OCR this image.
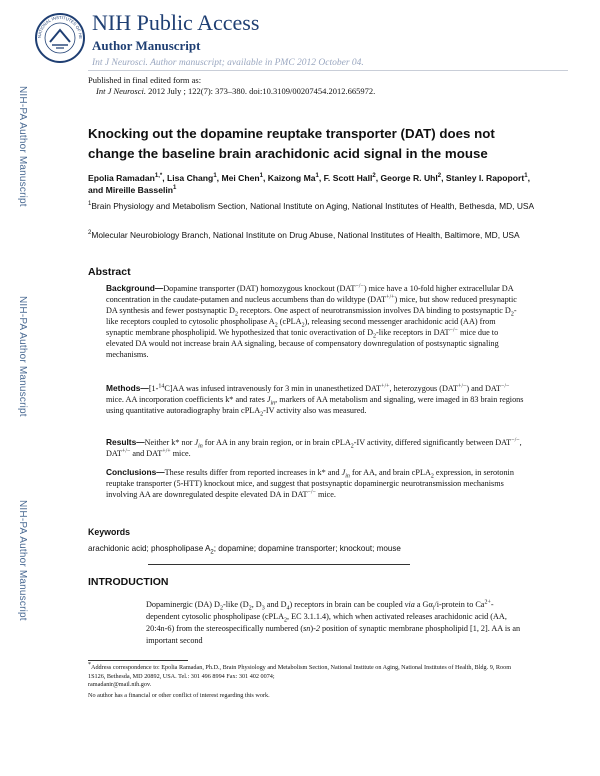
NATIONAL INSTITUTES OF HE
NIH Public Access
Author Manuscript
Int J Neurosci. Author manuscript; available in PMC 2012 October 04.
Published in final edited form as:
Int J Neurosci. 2012 July ; 122(7): 373–380. doi:10.3109/00207454.2012.665972.
NIH-PA Author Manuscript
NIH-PA Author Manuscript
NIH-PA Author Manuscript
Knocking out the dopamine reuptake transporter (DAT) does not change the baseline brain arachidonic acid signal in the mouse
Epolia Ramadan$^{1,*}$, Lisa Chang$^1$, Mei Chen$^1$, Kaizong Ma$^1$, F. Scott Hall$^2$, George R. Uhl$^2$, Stanley I. Rapoport$^1$, and Mireille Basselin$^1$
$^1$Brain Physiology and Metabolism Section, National Institute on Aging, National Institutes of Health, Bethesda, MD, USA
$^2$Molecular Neurobiology Branch, National Institute on Drug Abuse, National Institutes of Health, Baltimore, MD, USA
Abstract
Background—Dopamine transporter (DAT) homozygous knockout (DAT−/−) mice have a 10-fold higher extracellular DA concentration in the caudate-putamen and nucleus accumbens than do wildtype (DAT+/+) mice, but show reduced presynaptic DA synthesis and fewer postsynaptic $D_2$ receptors. One aspect of neurotransmission involves DA binding to postsynaptic $D_2$-like receptors coupled to cytosolic phospholipase $A_2$ (cPLA$_2$), releasing second messenger arachidonic acid (AA) from synaptic membrane phospholipid. We hypothesized that tonic overactivation of $D_2$-like receptors in DAT−/− mice due to elevated DA would not increase brain AA signaling, because of compensatory downregulation of postsynaptic signaling mechanisms.
Methods—[1-$^{14}$C]AA was infused intravenously for 3 min in unanesthetized DAT+/+, heterozygous (DAT+/−) and DAT−/− mice. AA incorporation coefficients k* and rates $J_{in}$, markers of AA metabolism and signaling, were imaged in 83 brain regions using quantitative autoradiography brain cPLA$_2$-IV activity also was measured.
Results—Neither k* nor $J_{in}$ for AA in any brain region, or in brain cPLA$_2$-IV activity, differed significantly between DAT−/−, DAT+/− and DAT+/+ mice.
Conclusions—These results differ from reported increases in k* and $J_{in}$ for AA, and brain cPLA$_2$ expression, in serotonin reuptake transporter (5-HTT) knockout mice, and suggest that postsynaptic dopaminergic neurotransmission mechanisms involving AA are downregulated despite elevated DA in DAT−/− mice.
Keywords
arachidonic acid; phospholipase $A_2$; dopamine; dopamine transporter; knockout; mouse
INTRODUCTION
Dopaminergic (DA) $D_2$-like ($D_2$, $D_3$ and $D_4$) receptors in brain can be coupled via a $G\alpha_i/i$-protein to $Ca^{2+}$-dependent cytosolic phospholipase (cPLA$_2$, EC 3.1.1.4), which when activated releases arachidonic acid (AA, 20:4n-6) from the stereospecifically numbered (sn)-2 position of synaptic membrane phospholipid [1, 2]. AA is an important second
*Address correspondence to: Epolia Ramadan, Ph.D., Brain Physiology and Metabolism Section, National Institute on Aging, National Institutes of Health, Bldg. 9, Room 1S126, Bethesda, MD 20892, USA. Tel.: 301 496 8994 Fax: 301 402 0074;
ramadanir@mail.nih.gov.
No author has a financial or other conflict of interest regarding this work.
